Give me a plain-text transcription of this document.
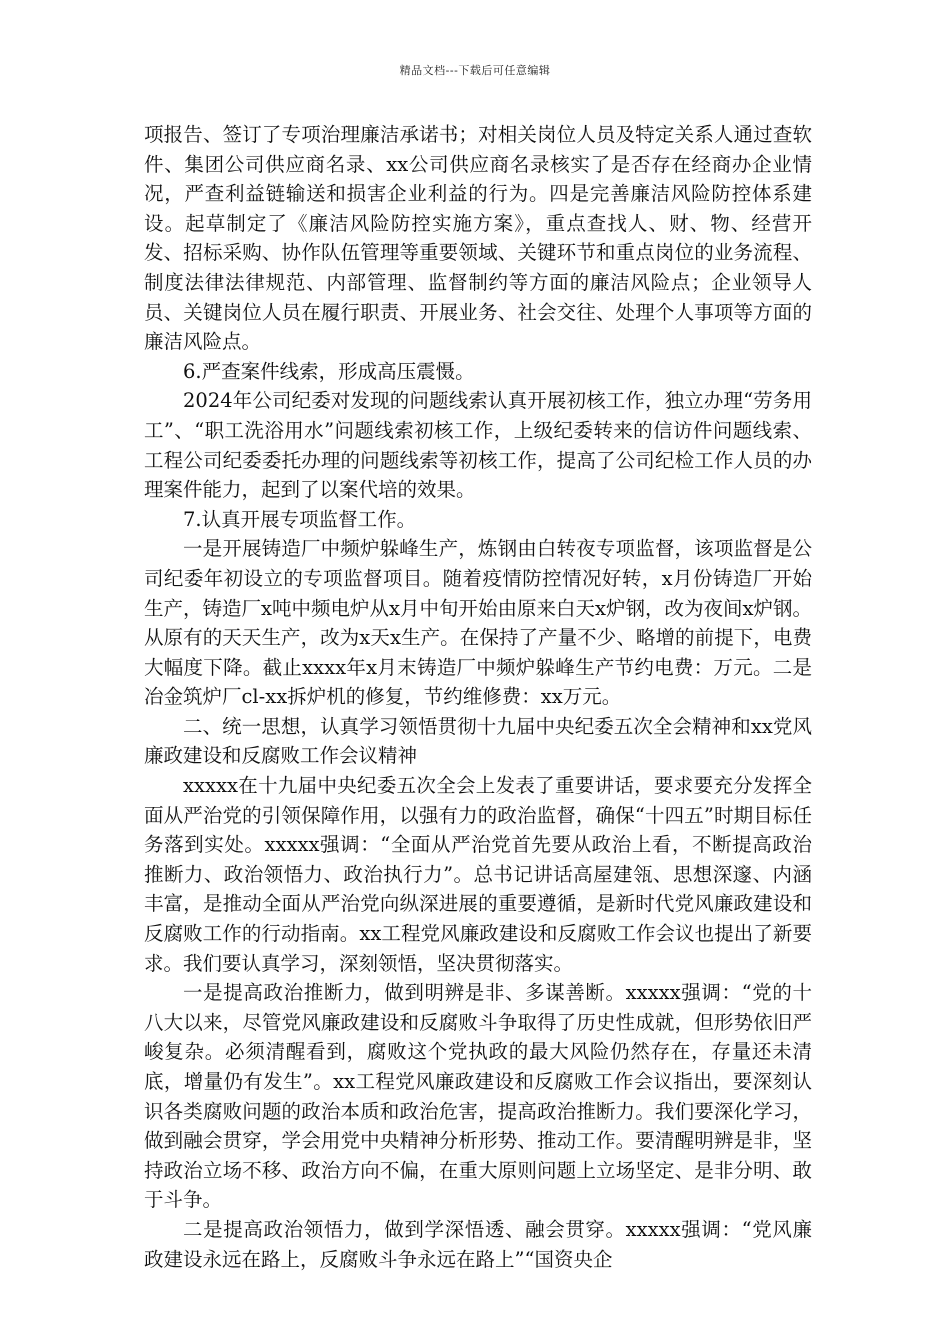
精品文档---下载后可任意编辑

项报告、签订了专项治理廉洁承诺书；对相关岗位人员及特定关系人通过查软件、集团公司供应商名录、xx公司供应商名录核实了是否存在经商办企业情况，严查利益链输送和损害企业利益的行为。四是完善廉洁风险防控体系建设。起草制定了《廉洁风险防控实施方案》，重点查找人、财、物、经营开发、招标采购、协作队伍管理等重要领域、关键环节和重点岗位的业务流程、制度法律法律规范、内部管理、监督制约等方面的廉洁风险点；企业领导人员、关键岗位人员在履行职责、开展业务、社会交往、处理个人事项等方面的廉洁风险点。

6.严查案件线索，形成高压震慑。

2024年公司纪委对发现的问题线索认真开展初核工作，独立办理“劳务用工”、“职工洗浴用水”问题线索初核工作，上级纪委转来的信访件问题线索、工程公司纪委委托办理的问题线索等初核工作，提高了公司纪检工作人员的办理案件能力，起到了以案代培的效果。

7.认真开展专项监督工作。

一是开展铸造厂中频炉躲峰生产，炼钢由白转夜专项监督，该项监督是公司纪委年初设立的专项监督项目。随着疫情防控情况好转，x月份铸造厂开始生产，铸造厂x吨中频电炉从x月中旬开始由原来白天x炉钢，改为夜间x炉钢。从原有的天天生产，改为x天x生产。在保持了产量不少、略增的前提下，电费大幅度下降。截止xxxx年x月末铸造厂中频炉躲峰生产节约电费：万元。二是冶金筑炉厂cl-xx拆炉机的修复，节约维修费：xx万元。

二、统一思想，认真学习领悟贯彻十九届中央纪委五次全会精神和xx党风廉政建设和反腐败工作会议精神

xxxxx在十九届中央纪委五次全会上发表了重要讲话，要求要充分发挥全面从严治党的引领保障作用，以强有力的政治监督，确保“十四五”时期目标任务落到实处。xxxxx强调：“全面从严治党首先要从政治上看，不断提高政治推断力、政治领悟力、政治执行力”。总书记讲话高屋建瓴、思想深邃、内涵丰富，是推动全面从严治党向纵深进展的重要遵循，是新时代党风廉政建设和反腐败工作的行动指南。xx工程党风廉政建设和反腐败工作会议也提出了新要求。我们要认真学习，深刻领悟，坚决贯彻落实。

一是提高政治推断力，做到明辨是非、多谋善断。xxxxx强调：“党的十八大以来，尽管党风廉政建设和反腐败斗争取得了历史性成就，但形势依旧严峻复杂。必须清醒看到，腐败这个党执政的最大风险仍然存在，存量还未清底，增量仍有发生”。xx工程党风廉政建设和反腐败工作会议指出，要深刻认识各类腐败问题的政治本质和政治危害，提高政治推断力。我们要深化学习，做到融会贯穿，学会用党中央精神分析形势、推动工作。要清醒明辨是非，坚持政治立场不移、政治方向不偏，在重大原则问题上立场坚定、是非分明、敢于斗争。

二是提高政治领悟力，做到学深悟透、融会贯穿。xxxxx强调：“党风廉政建设永远在路上，反腐败斗争永远在路上”“国资央企
